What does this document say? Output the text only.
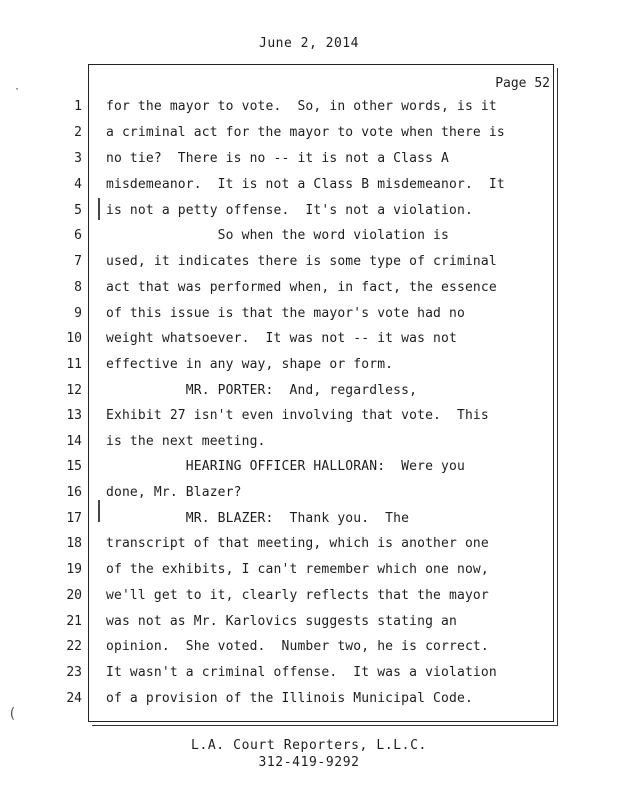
June 2, 2014
Page 52
1 for the mayor to vote.  So, in other words, is it
2 a criminal act for the mayor to vote when there is
3 no tie?  There is no -- it is not a Class A
4 misdemeanor.  It is not a Class B misdemeanor.  It
5 is not a petty offense.  It's not a violation.
6 So when the word violation is
7 used, it indicates there is some type of criminal
8 act that was performed when, in fact, the essence
9 of this issue is that the mayor's vote had no
10 weight whatsoever.  It was not -- it was not
11 effective in any way, shape or form.
12 MR. PORTER:  And, regardless,
13 Exhibit 27 isn't even involving that vote.  This
14 is the next meeting.
15 HEARING OFFICER HALLORAN:  Were you
16 done, Mr. Blazer?
17 MR. BLAZER:  Thank you.  The
18 transcript of that meeting, which is another one
19 of the exhibits, I can't remember which one now,
20 we'll get to it, clearly reflects that the mayor
21 was not as Mr. Karlovics suggests stating an
22 opinion.  She voted.  Number two, he is correct.
23 It wasn't a criminal offense.  It was a violation
24 of a provision of the Illinois Municipal Code.
L.A. Court Reporters, L.L.C.
312-419-9292
·
(
